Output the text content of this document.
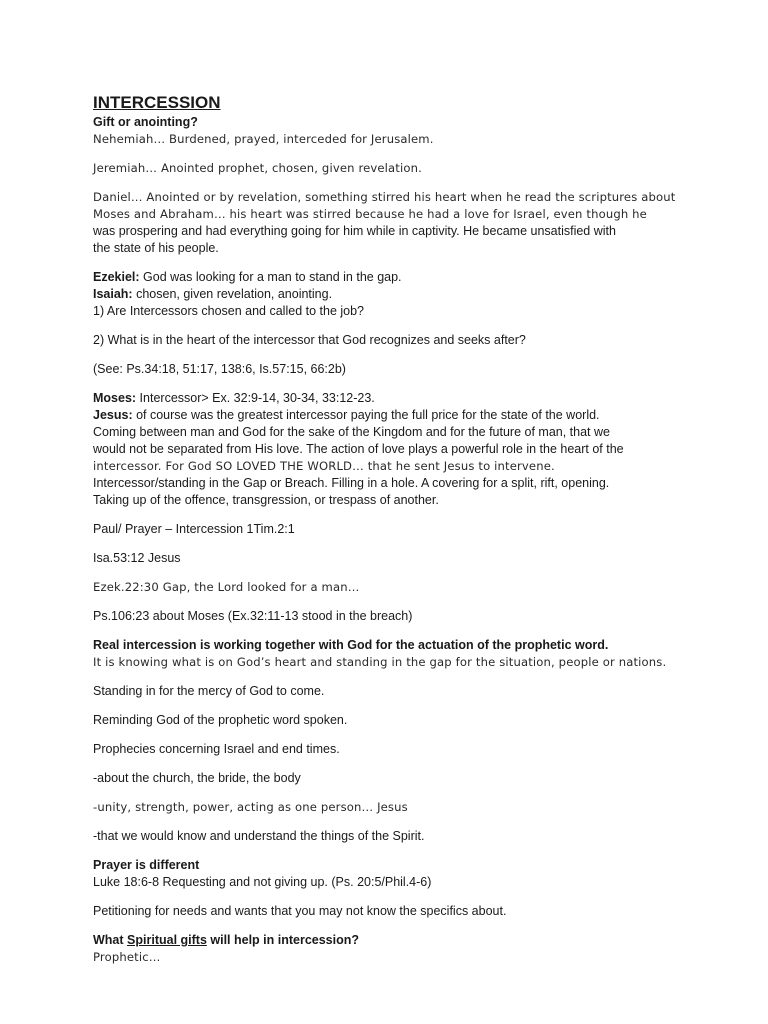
INTERCESSION
Gift or anointing?
Nehemiah… Burdened, prayed, interceded for Jerusalem.
Jeremiah… Anointed prophet, chosen, given revelation.
Daniel… Anointed or by revelation, something stirred his heart when he read the scriptures about
Moses and Abraham… his heart was stirred because he had a love for Israel, even though he
was prospering and had everything going for him while in captivity. He became unsatisfied with
the state of his people.
Ezekiel: God was looking for a man to stand in the gap.
Isaiah: chosen, given revelation, anointing.
1) Are Intercessors chosen and called to the job?
2) What is in the heart of the intercessor that God recognizes and seeks after?
(See: Ps.34:18, 51:17, 138:6, Is.57:15, 66:2b)
Moses: Intercessor> Ex. 32:9-14, 30-34, 33:12-23.
Jesus: of course was the greatest intercessor paying the full price for the state of the world.
Coming between man and God for the sake of the Kingdom and for the future of man, that we
would not be separated from His love. The action of love plays a powerful role in the heart of the
intercessor. For God SO LOVED THE WORLD… that he sent Jesus to intervene.
Intercessor/standing in the Gap or Breach. Filling in a hole. A covering for a split, rift, opening.
Taking up of the offence, transgression, or trespass of another.
Paul/ Prayer – Intercession 1Tim.2:1
Isa.53:12 Jesus
Ezek.22:30 Gap, the Lord looked for a man…
Ps.106:23 about Moses (Ex.32:11-13 stood in the breach)
Real intercession is working together with God for the actuation of the prophetic word.
It is knowing what is on God’s heart and standing in the gap for the situation, people or nations.
Standing in for the mercy of God to come.
Reminding God of the prophetic word spoken.
Prophecies concerning Israel and end times.
-about the church, the bride, the body
-unity, strength, power, acting as one person… Jesus
-that we would know and understand the things of the Spirit.
Prayer is different
Luke 18:6-8 Requesting and not giving up. (Ps. 20:5/Phil.4-6)
Petitioning for needs and wants that you may not know the specifics about.
What Spiritual gifts will help in intercession?
Prophetic…
